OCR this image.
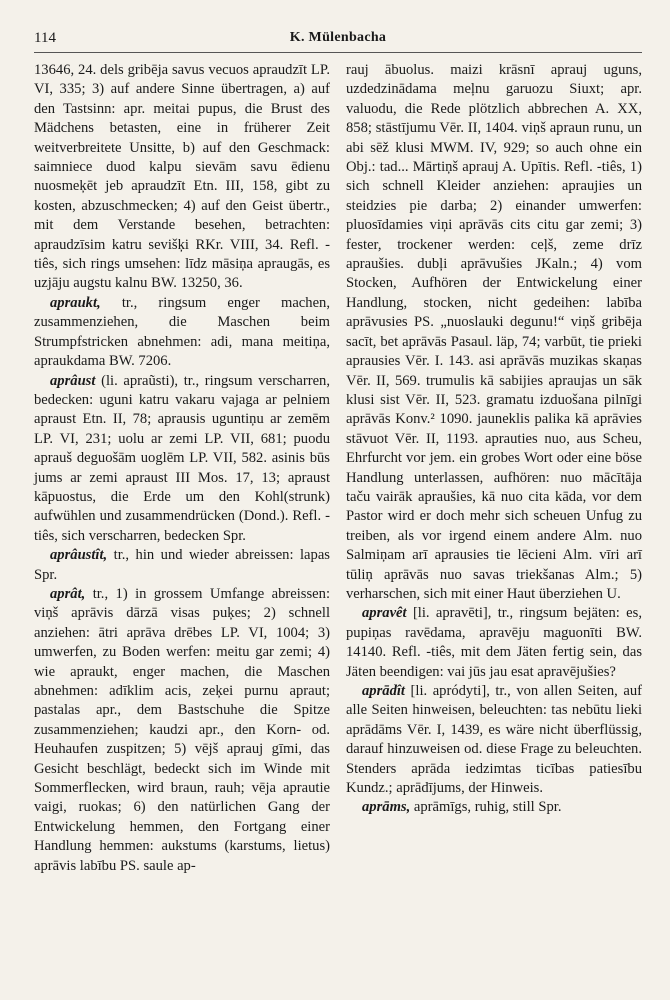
114	K. Mülenbacha

13646, 24. dels gribēja savus vecuos apraudzīt LP. VI, 335; 3) auf andere Sinne übertragen, a) auf den Tastsinn: apr. meitai pupus, die Brust des Mädchens betasten, eine in früherer Zeit weitverbreitete Unsitte, b) auf den Geschmack: saimniece duod kalpu sievām savu ēdienu nuosmeķēt jeb apraudzīt Etn. III, 158, gibt zu kosten, abzuschmecken; 4) auf den Geist übertr., mit dem Verstande besehen, betrachten: apraudzīsim katru sevišķi RKr. VIII, 34. Refl. -tiês, sich rings umsehen: līdz māsiņa apraugās, es uzjāju augstu kalnu BW. 13250, 36.

apraukt, tr., ringsum enger machen, zusammenziehen, die Maschen beim Strumpfstricken abnehmen: adi, mana meitiņa, apraukdama BW. 7206.

aprâust (li. apraũsti), tr., ringsum verscharren, bedecken: uguni katru vakaru vajaga ar pelniem apraust Etn. II, 78; aprausis uguntiņu ar zemēm LP. VI, 231; uolu ar zemi LP. VII, 681; puodu aprauš deguošām uoglēm LP. VII, 582. asinis būs jums ar zemi apraust III Mos. 17, 13; apraust kāpuostus, die Erde um den Kohl(strunk) aufwühlen und zusammendrücken (Dond.). Refl. -tiês, sich verscharren, bedecken Spr.

aprâustît, tr., hin und wieder abreissen: lapas Spr.

aprât, tr., 1) in grossem Umfange abreissen: viņš aprāvis dārzā visas puķes; 2) schnell anziehen: ātri aprāva drēbes LP. VI, 1004; 3) umwerfen, zu Boden werfen: meitu gar zemi; 4) wie apraukt, enger machen, die Maschen abnehmen: adīklim acis, zeķei purnu apraut; pastalas apr., dem Bastschuhe die Spitze zusammenziehen; kaudzi apr., den Korn- od. Heuhaufen zuspitzen; 5) vējš aprauj gīmi, das Gesicht beschlägt, bedeckt sich im Winde mit Sommerflecken, wird braun, rauh; vēja aprautie vaigi, ruokas; 6) den natürlichen Gang der Entwickelung hemmen, den Fortgang einer Handlung hemmen: aukstums (karstums, lietus) aprāvis labību PS. saule ap-

rauj ābuolus. maizi krāsnī aprauj uguns, uzdedzinādama meļnu garuozu Siuxt; apr. valuodu, die Rede plötzlich abbrechen A. XX, 858; stāstījumu Vēr. II, 1404. viņš apraun runu, un abi sēž klusi MWM. IV, 929; so auch ohne ein Obj.: tad... Mārtiņš aprauj A. Upītis. Refl. -tiês, 1) sich schnell Kleider anziehen: apraujies un steidzies pie darba; 2) einander umwerfen: pluosīdamies viņi aprāvās cits citu gar zemi; 3) fester, trockener werden: ceļš, zeme drīz apraušies. dubļi aprāvušies JKaln.; 4) vom Stocken, Aufhören der Entwickelung einer Handlung, stocken, nicht gedeihen: labība aprāvusies PS. „nuoslauki degunu!“ viņš gribēja sacīt, bet aprāvās Pasaul. läp, 74; varbūt, tie prieki aprausies Vēr. I. 143. asi aprāvās muzikas skaņas Vēr. II, 569. trumulis kā sabijies apraujas un sāk klusi sist Vēr. II, 523. gramatu izduošana pilnīgi aprāvās Konv.² 1090. jauneklis palika kā aprāvies stāvuot Vēr. II, 1193. aprauties nuo, aus Scheu, Ehrfurcht vor jem. ein grobes Wort oder eine böse Handlung unterlassen, aufhören: nuo mācītāja taču vairāk apraušies, kā nuo cita kāda, vor dem Pastor wird er doch mehr sich scheuen Unfug zu treiben, als vor irgend einem andere Alm. nuo Salmiņam arī aprausies tie lēcieni Alm. vīri arī tūliņ aprāvās nuo savas triekšanas Alm.; 5) verharschen, sich mit einer Haut überziehen U.

apravêt [li. apravēti], tr., ringsum bejäten: es, pupiņas ravēdama, apravēju maguonīti BW. 14140. Refl. -tiês, mit dem Jäten fertig sein, das Jäten beendigen: vai jūs jau esat apravējušies?

aprādît [li. apródyti], tr., von allen Seiten, auf alle Seiten hinweisen, beleuchten: tas nebūtu lieki aprādāms Vēr. I, 1439, es wäre nicht überflüssig, darauf hinzuweisen od. diese Frage zu beleuchten. Stenders aprāda iedzimtas ticības patiesību Kundz.; aprādījums, der Hinweis.

aprāms, aprāmīgs, ruhig, still Spr.
